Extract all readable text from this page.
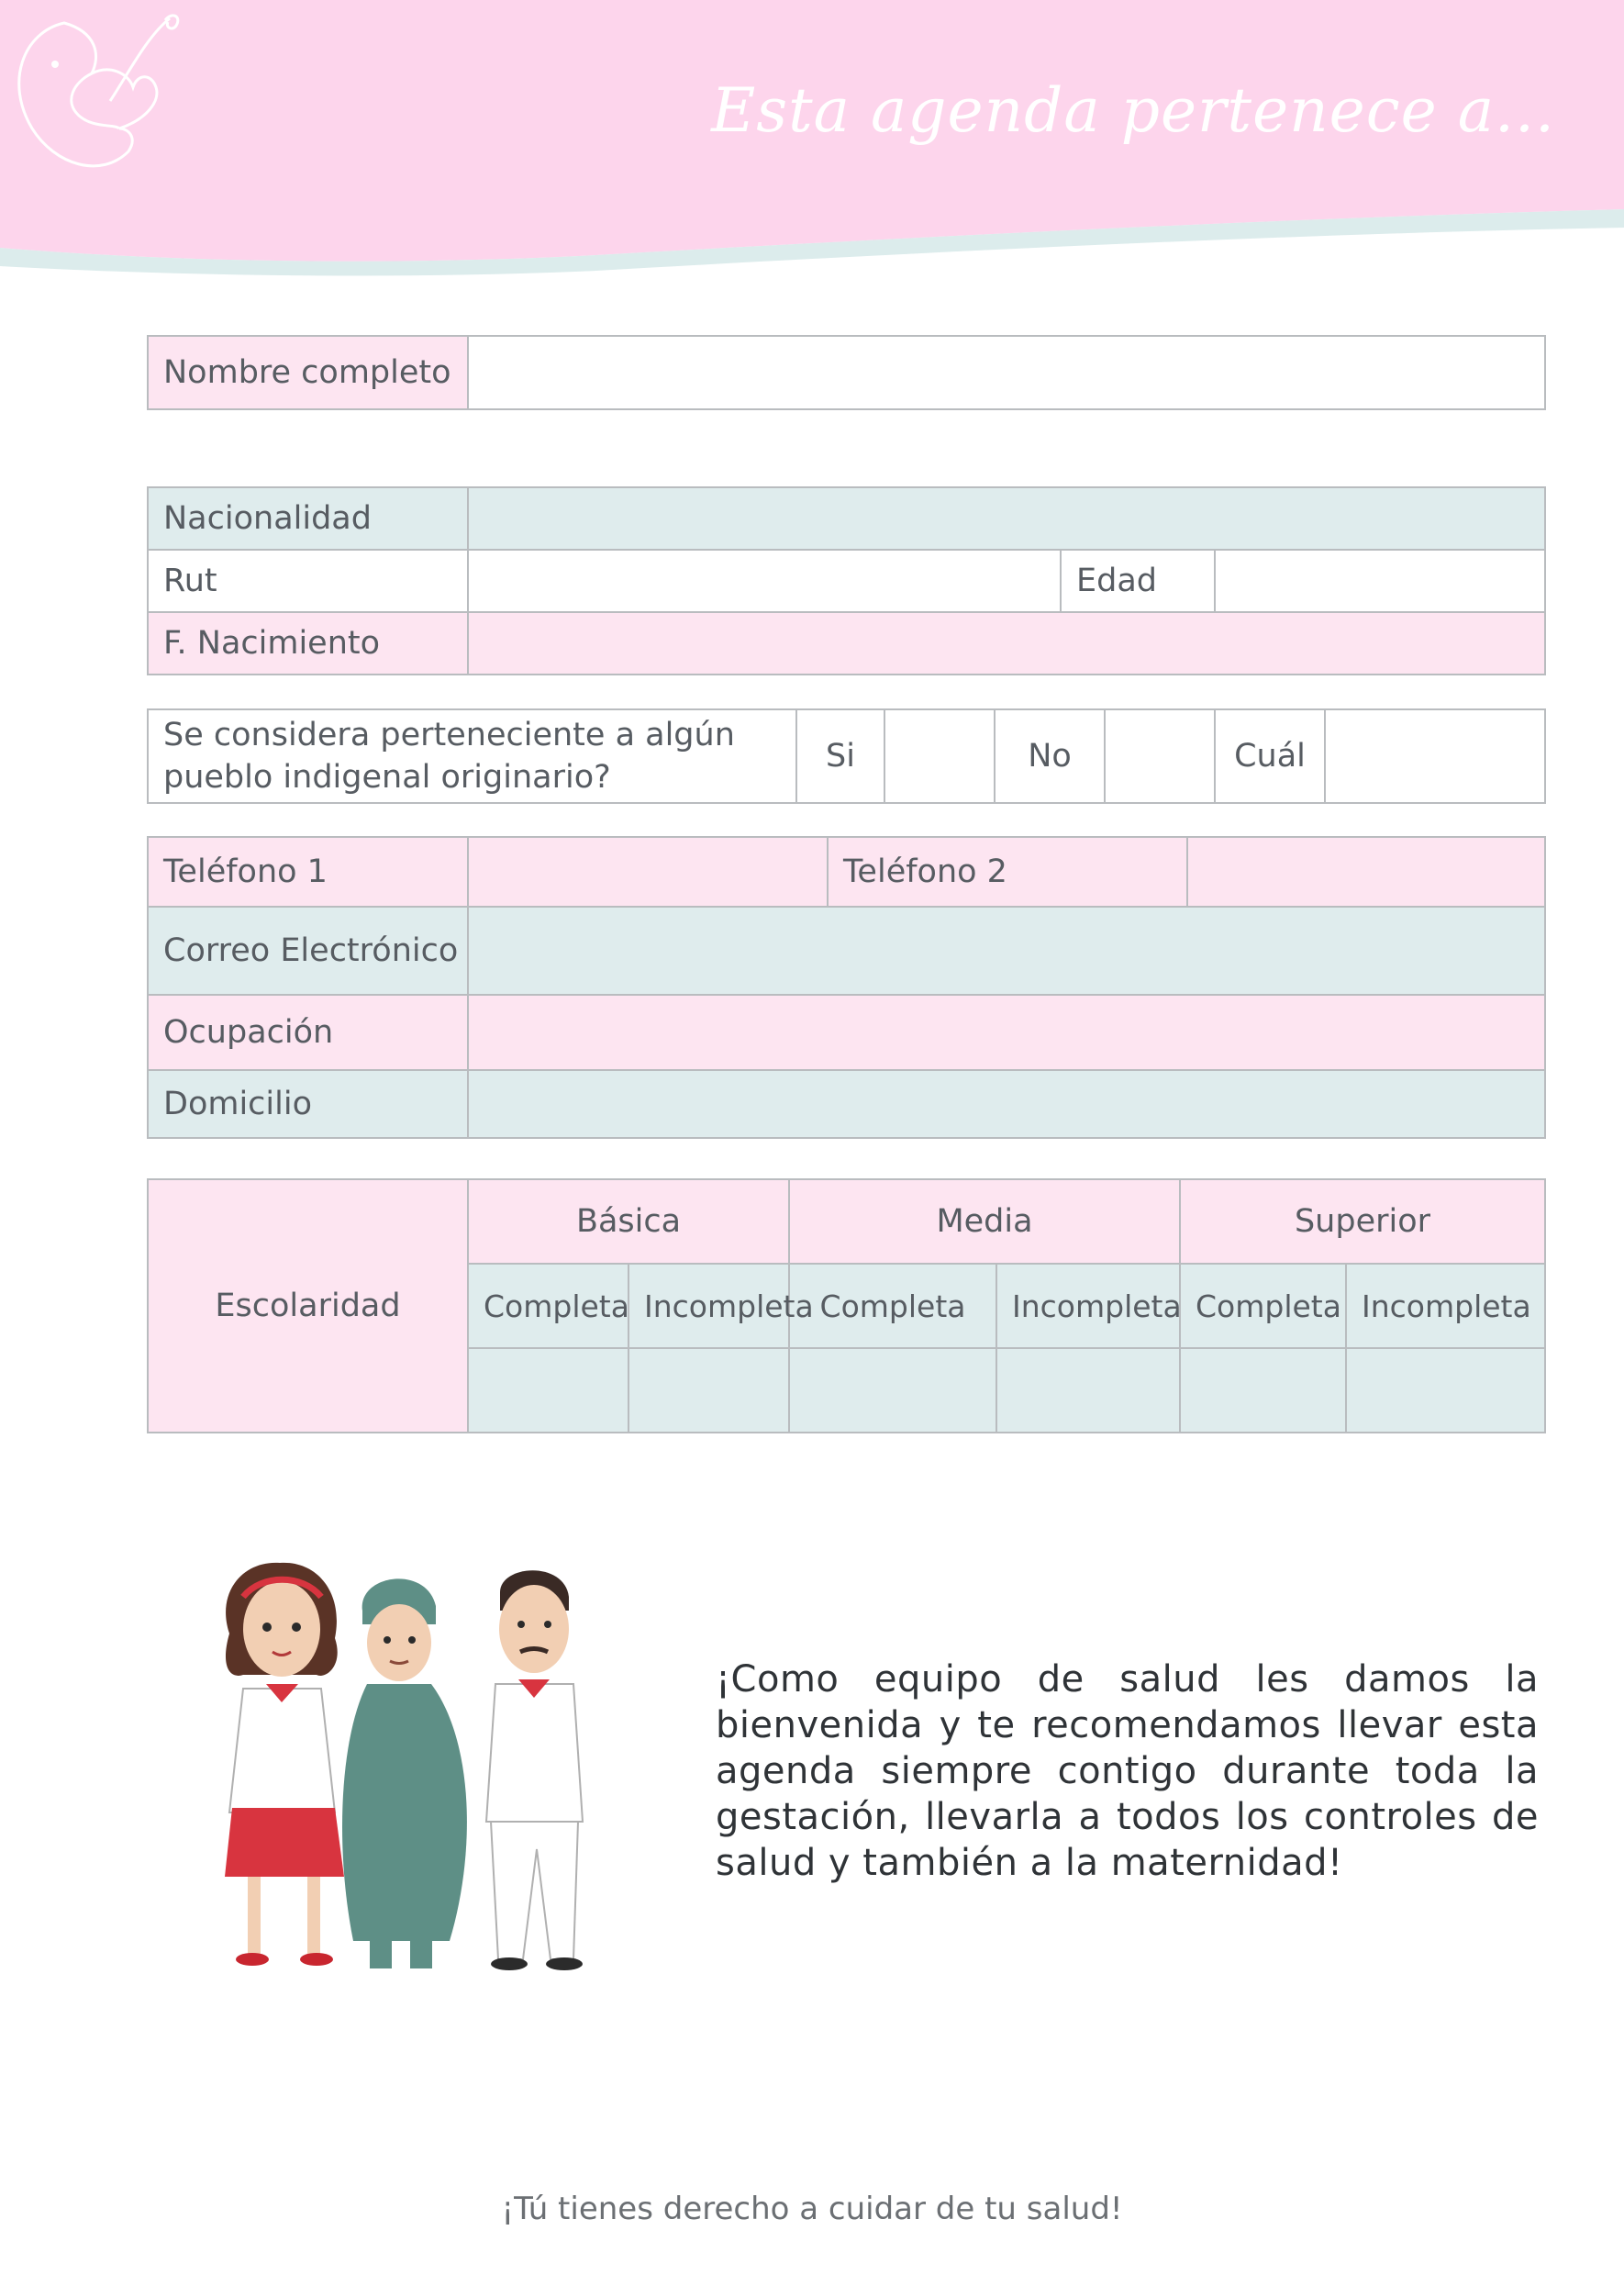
Esta agenda pertenece a...
Nombre completo	
Nacionalidad			
Rut		Edad	
F. Nacimiento			
Se considera perteneciente a algún pueblo indigenal originario?	Si		No		Cuál	
Teléfono 1		Teléfono 2	
Correo Electrónico			
Ocupación			
Domicilio			
Escolaridad	Básica		Media		Superior	
	Completa	Incompleta	Completa	Incompleta	Completa	Incompleta

¡Como equipo de salud les damos la bienvenida y te recomendamos llevar esta agenda siempre contigo durante toda la gestación, llevarla a todos los controles de salud y también a la maternidad!
¡Tú tienes derecho a cuidar de tu salud!
